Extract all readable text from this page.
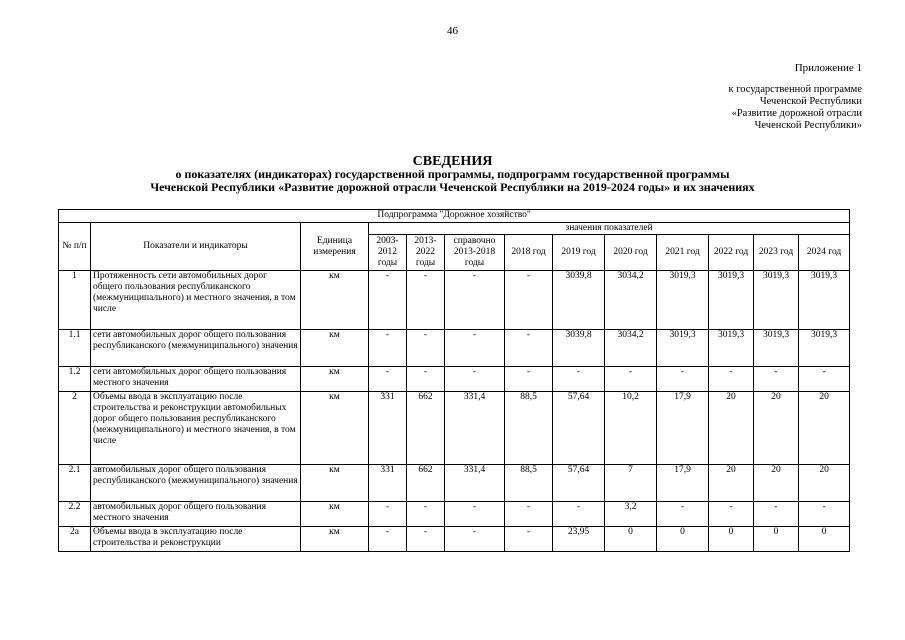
46
Приложение 1
к государственной программе
Чеченской Республики
«Развитие дорожной отрасли
Чеченской Республики»
СВЕДЕНИЯ
о показателях (индикаторах) государственной программы, подпрограмм государственной программы
Чеченской Республики «Развитие дорожной отрасли Чеченской Республики на 2019-2024 годы» и их значениях
Подпрограмма "Дорожное хозяйство"												
№ п/п	Показатели и индикаторы	Единица измерения	значения показателей									
			2003-2012 годы	2013-2022 годы	справочно 2013-2018 годы	2018 год	2019 год	2020 год	2021 год	2022 год	2023 год	2024 год
1	Протяженность сети автомобильных дорог общего пользования республиканского (межмуниципального) и местного значения, в том числе	км	-	-	-	-	3039,8	3034,2	3019,3	3019,3	3019,3	3019,3
1.1	сети автомобильных дорог общего пользования республиканского (межмуниципального) значения	км	-	-	-	-	3039,8	3034,2	3019,3	3019,3	3019,3	3019,3
1.2	сети автомобильных дорог общего пользования местного значения	км	-	-	-	-	-	-	-	-	-	-
2	Объемы ввода в эксплуатацию после строительства и реконструкции автомобильных дорог общего пользования республиканского (межмуниципального) и местного значения, в том числе	км	331	662	331,4	88,5	57,64	10,2	17,9	20	20	20
2.1	автомобильных дорог общего пользования республиканского (межмуниципального) значения	км	331	662	331,4	88,5	57,64	7	17,9	20	20	20
2.2	автомобильных дорог общего пользования местного значения	км	-	-	-	-	-	3,2	-	-	-	-
2а	Объемы ввода в эксплуатацию после строительства и реконструкции	км	-	-	-	-	23,95	0	0	0	0	0
